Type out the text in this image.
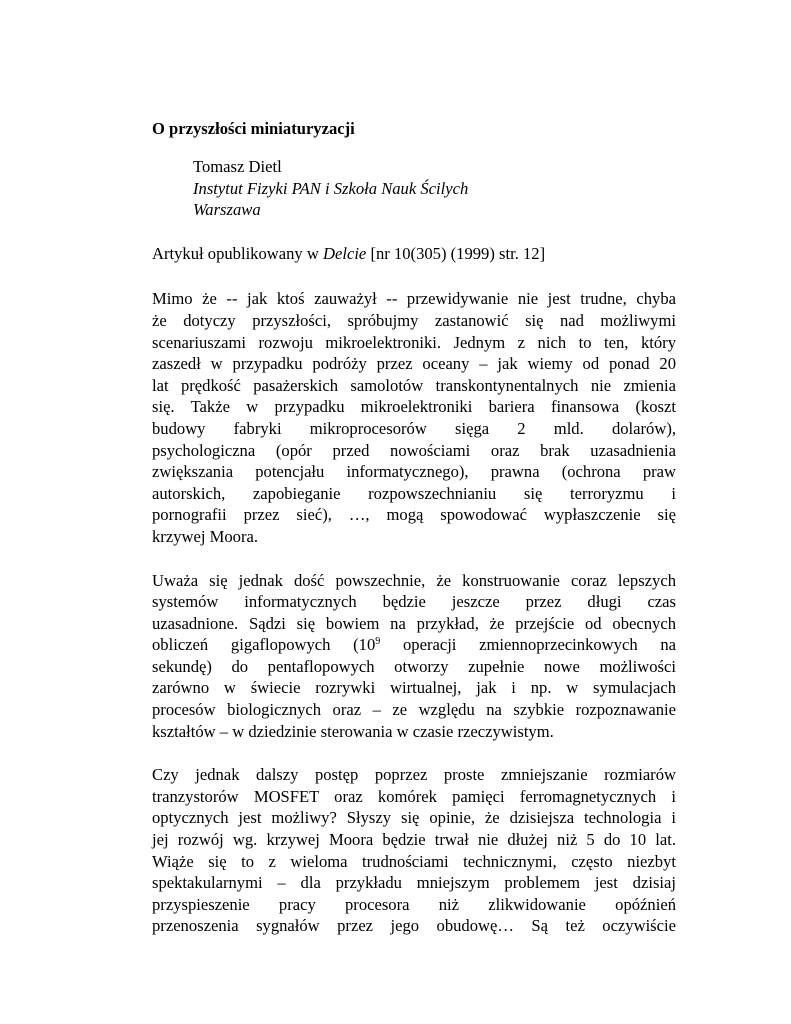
O przyszłości miniaturyzacji
Tomasz Dietl
Instytut Fizyki PAN i Szkoła Nauk Ścilych
Warszawa
Artykuł opublikowany w Delcie [nr 10(305) (1999) str. 12]
Mimo że -- jak ktoś zauważył -- przewidywanie nie jest trudne, chyba
że dotyczy przyszłości, spróbujmy zastanowić się nad możliwymi
scenariuszami rozwoju mikroelektroniki. Jednym z nich to ten, który
zaszedł w przypadku podróży przez oceany – jak wiemy od ponad 20
lat prędkość pasażerskich samolotów transkontynentalnych nie zmienia
się. Także w przypadku mikroelektroniki bariera finansowa (koszt
budowy fabryki mikroprocesorów sięga 2 mld. dolarów),
psychologiczna (opór przed nowościami oraz brak uzasadnienia
zwiększania potencjału informatycznego), prawna (ochrona praw
autorskich, zapobieganie rozpowszechnianiu się terroryzmu i
pornografii przez sieć), …, mogą spowodować wypłaszczenie się
krzywej Moora.
Uważa się jednak dość powszechnie, że konstruowanie coraz lepszych
systemów informatycznych będzie jeszcze przez długi czas
uzasadnione. Sądzi się bowiem na przykład, że przejście od obecnych
obliczeń gigaflopowych ($10^9$ operacji zmiennoprzecinkowych na
sekundę) do pentaflopowych otworzy zupełnie nowe możliwości
zarówno w świecie rozrywki wirtualnej, jak i np. w symulacjach
procesów biologicznych oraz – ze względu na szybkie rozpoznawanie
kształtów – w dziedzinie sterowania w czasie rzeczywistym.
Czy jednak dalszy postęp poprzez proste zmniejszanie rozmiarów
tranzystorów MOSFET oraz komórek pamięci ferromagnetycznych i
optycznych jest możliwy? Słyszy się opinie, że dzisiejsza technologia i
jej rozwój wg. krzywej Moora będzie trwał nie dłużej niż 5 do 10 lat.
Wiąże się to z wieloma trudnościami technicznymi, często niezbyt
spektakularnymi – dla przykładu mniejszym problemem jest dzisiaj
przyspieszenie pracy procesora niż zlikwidowanie opóźnień
przenoszenia sygnałów przez jego obudowę… Są też oczywiście
